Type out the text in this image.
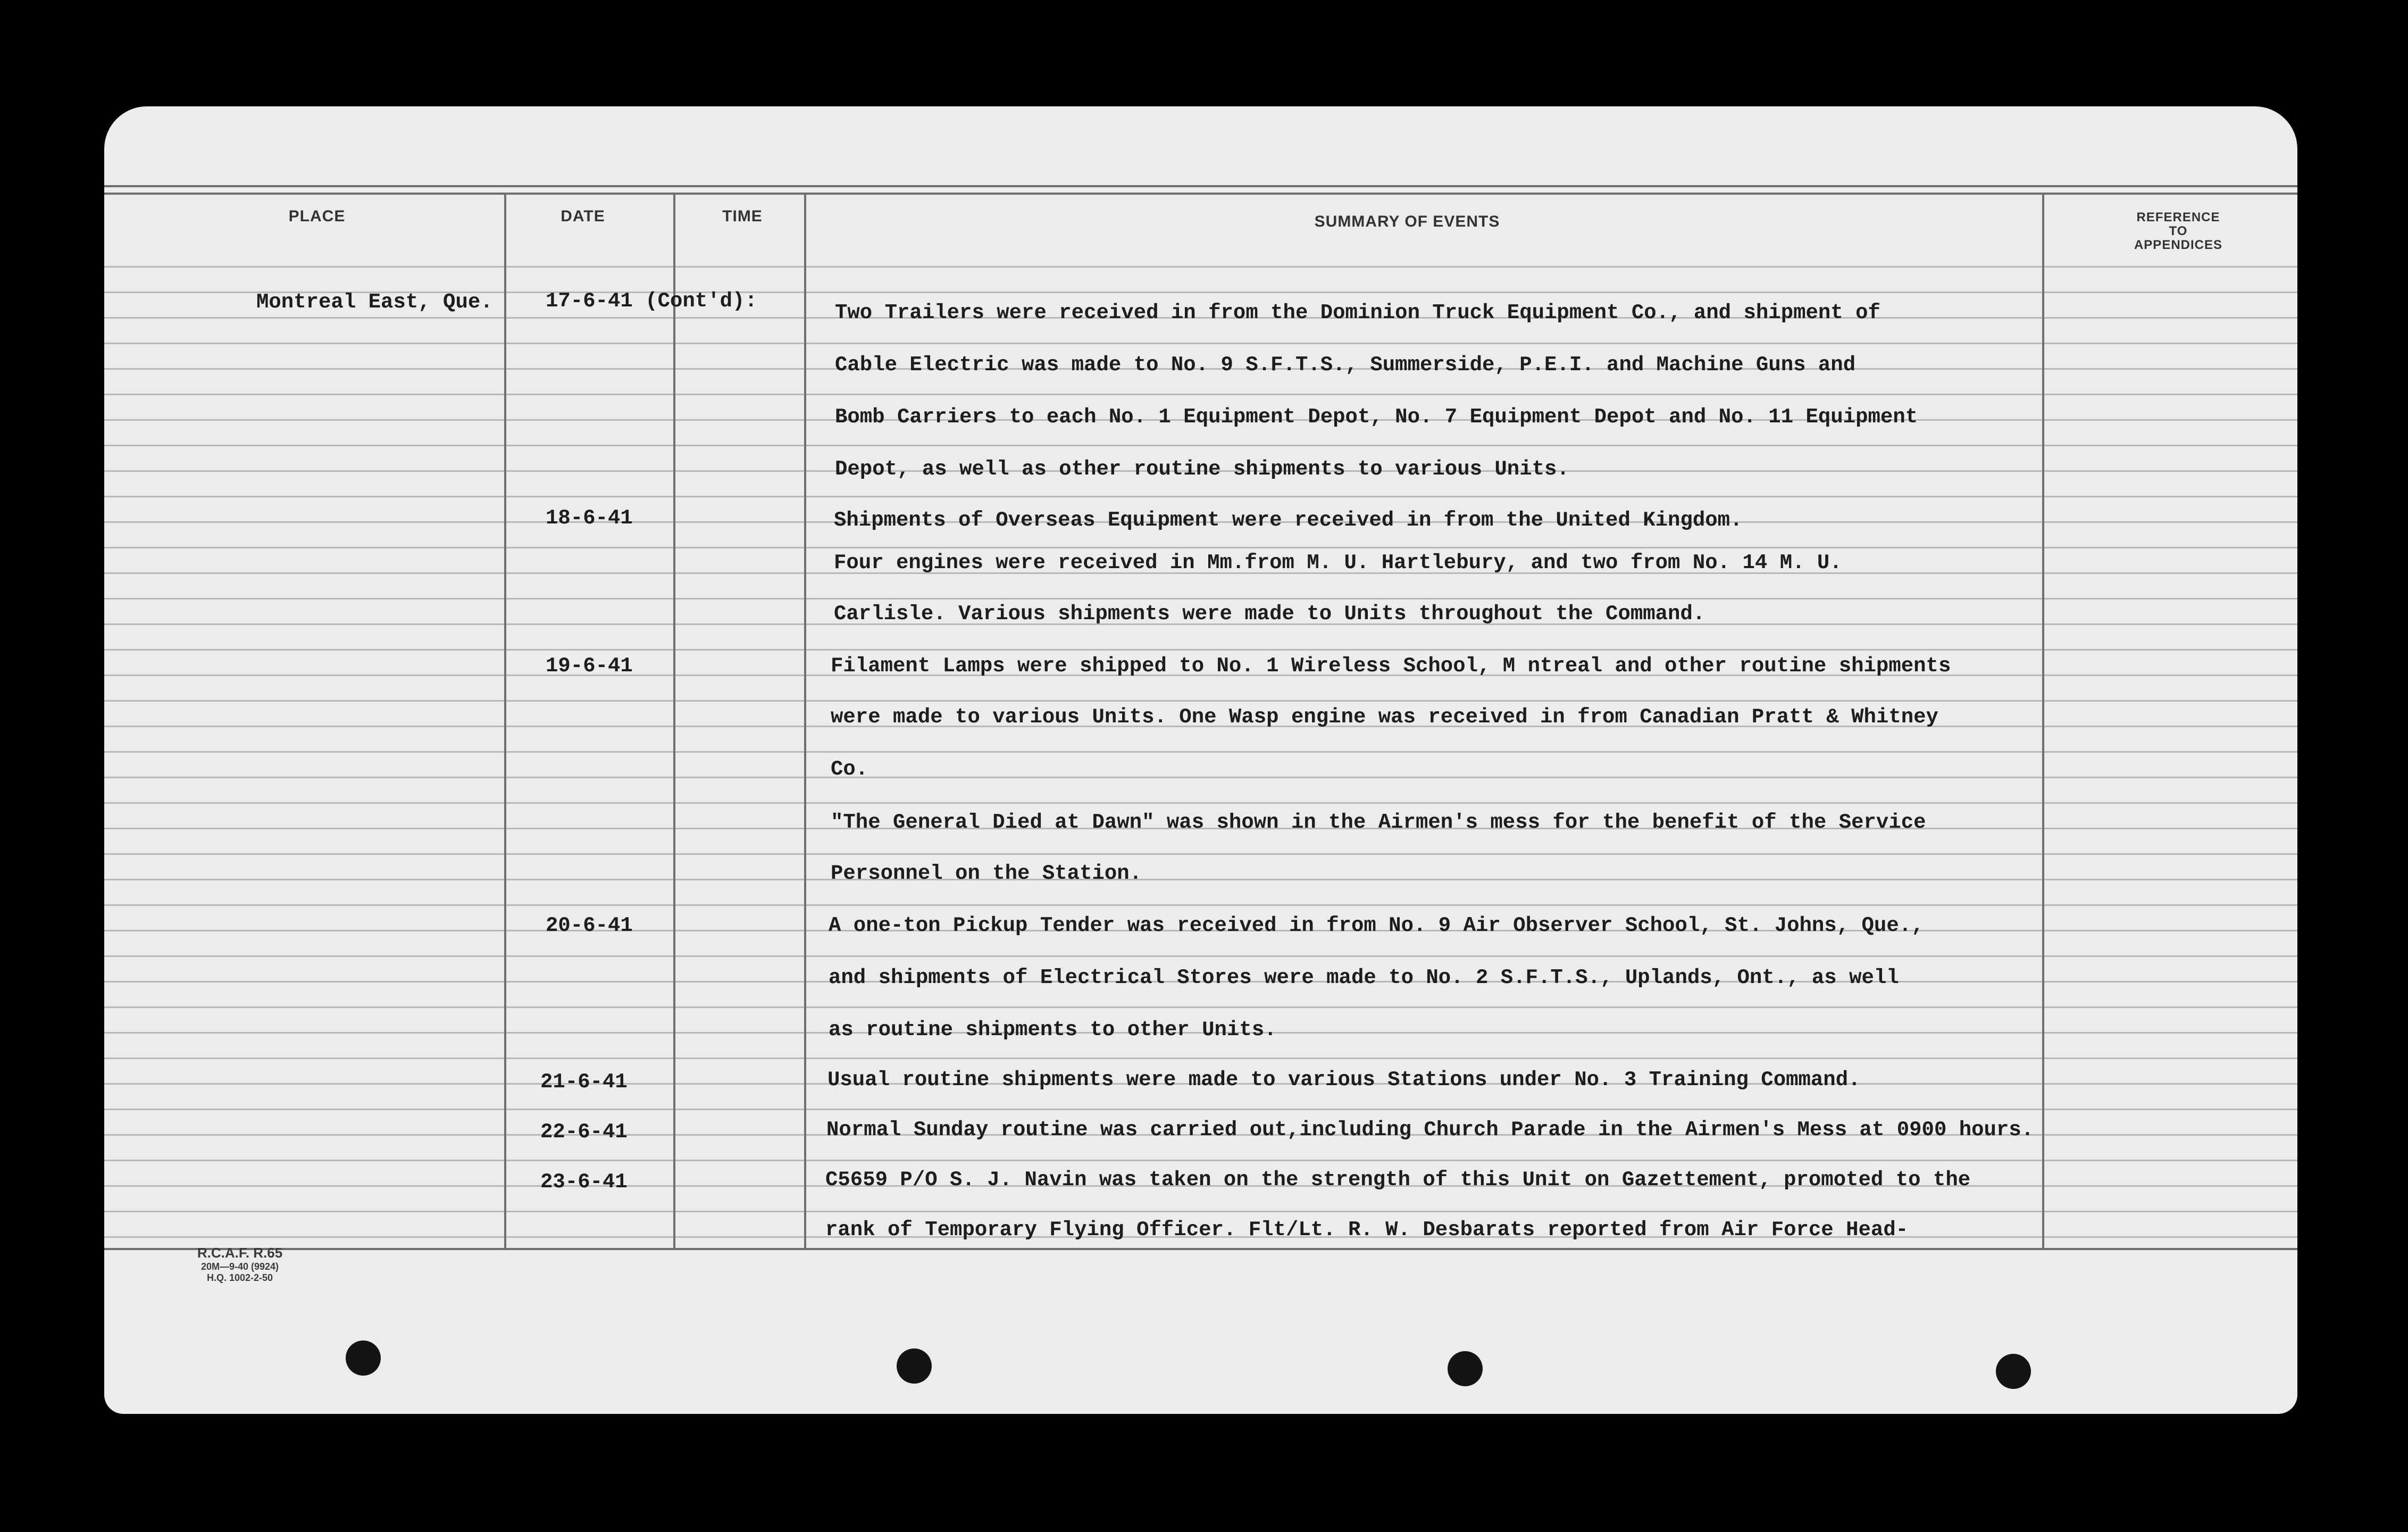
PLACE	DATE	TIME	SUMMARY OF EVENTS	REFERENCE
TO
APPENDICES
Montreal East, Que.	17-6-41 (Cont'd):	Two Trailers were received in from the Dominion Truck Equipment Co., and shipment of
Cable Electric was made to No. 9 S.F.T.S., Summerside, P.E.I. and Machine Guns and
Bomb Carriers to each No. 1 Equipment Depot, No. 7 Equipment Depot and No. 11 Equipment
Depot, as well as other routine shipments to various Units.
18-6-41	Shipments of Overseas Equipment were received in from the United Kingdom.
Four engines were received in Mm.from M. U. Hartlebury, and two from No. 14 M. U.
Carlisle. Various shipments were made to Units throughout the Command.
19-6-41	Filament Lamps were shipped to No. 1 Wireless School, M ntreal and other routine shipments
were made to various Units. One Wasp engine was received in from Canadian Pratt & Whitney
Co.
"The General Died at Dawn" was shown in the Airmen's mess for the benefit of the Service
Personnel on the Station.
20-6-41	A one-ton Pickup Tender was received in from No. 9 Air Observer School, St. Johns, Que.,
and shipments of Electrical Stores were made to No. 2 S.F.T.S., Uplands, Ont., as well
as routine shipments to other Units.
21-6-41	Usual routine shipments were made to various Stations under No. 3 Training Command.
22-6-41	Normal Sunday routine was carried out,including Church Parade in the Airmen's Mess at 0900 hours.
23-6-41	C5659 P/O S. J. Navin was taken on the strength of this Unit on Gazettement, promoted to the
rank of Temporary Flying Officer. Flt/Lt. R. W. Desbarats reported from Air Force Head-
R.C.A.F. R.65
20M—9-40 (9924)
H.Q. 1002-2-50
